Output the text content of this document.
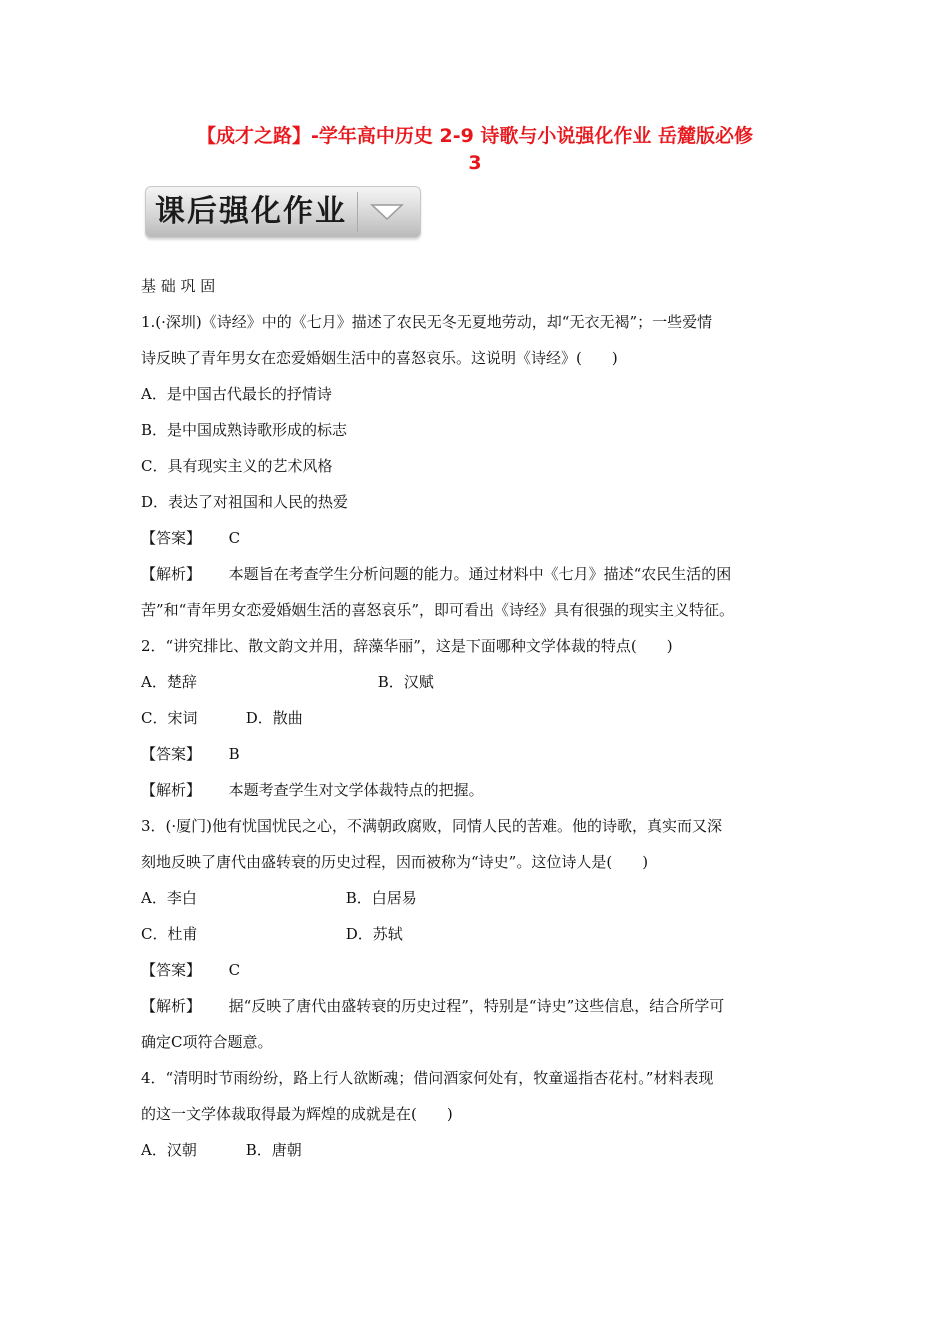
【成才之路】-学年高中历史 2-9 诗歌与小说强化作业 岳麓版必修
3
课后强化作业
基 础 巩 固
1.(·深圳)《诗经》中的《七月》描述了农民无冬无夏地劳动，却“无衣无褐”；一些爱情
诗反映了青年男女在恋爱婚姻生活中的喜怒哀乐。这说明《诗经》(　　)
A．是中国古代最长的抒情诗
B．是中国成熟诗歌形成的标志
C．具有现实主义的艺术风格
D．表达了对祖国和人民的热爱
【答案】 C
【解析】 本题旨在考查学生分析问题的能力。通过材料中《七月》描述“农民生活的困
苦”和“青年男女恋爱婚姻生活的喜怒哀乐”，即可看出《诗经》具有很强的现实主义特征。
2．“讲究排比、散文韵文并用，辞藻华丽”，这是下面哪种文学体裁的特点(　　)
A．楚辞	B．汉赋
C．宋词	D．散曲
【答案】 B
【解析】 本题考查学生对文学体裁特点的把握。
3．(·厦门)他有忧国忧民之心，不满朝政腐败，同情人民的苦难。他的诗歌，真实而又深
刻地反映了唐代由盛转衰的历史过程，因而被称为“诗史”。这位诗人是(　　)
A．李白	B．白居易
C．杜甫	D．苏轼
【答案】 C
【解析】 据“反映了唐代由盛转衰的历史过程”，特别是“诗史”这些信息，结合所学可
确定C项符合题意。
4．“清明时节雨纷纷，路上行人欲断魂；借问酒家何处有，牧童遥指杏花村。”材料表现
的这一文学体裁取得最为辉煌的成就是在(　　)
A．汉朝	B．唐朝
